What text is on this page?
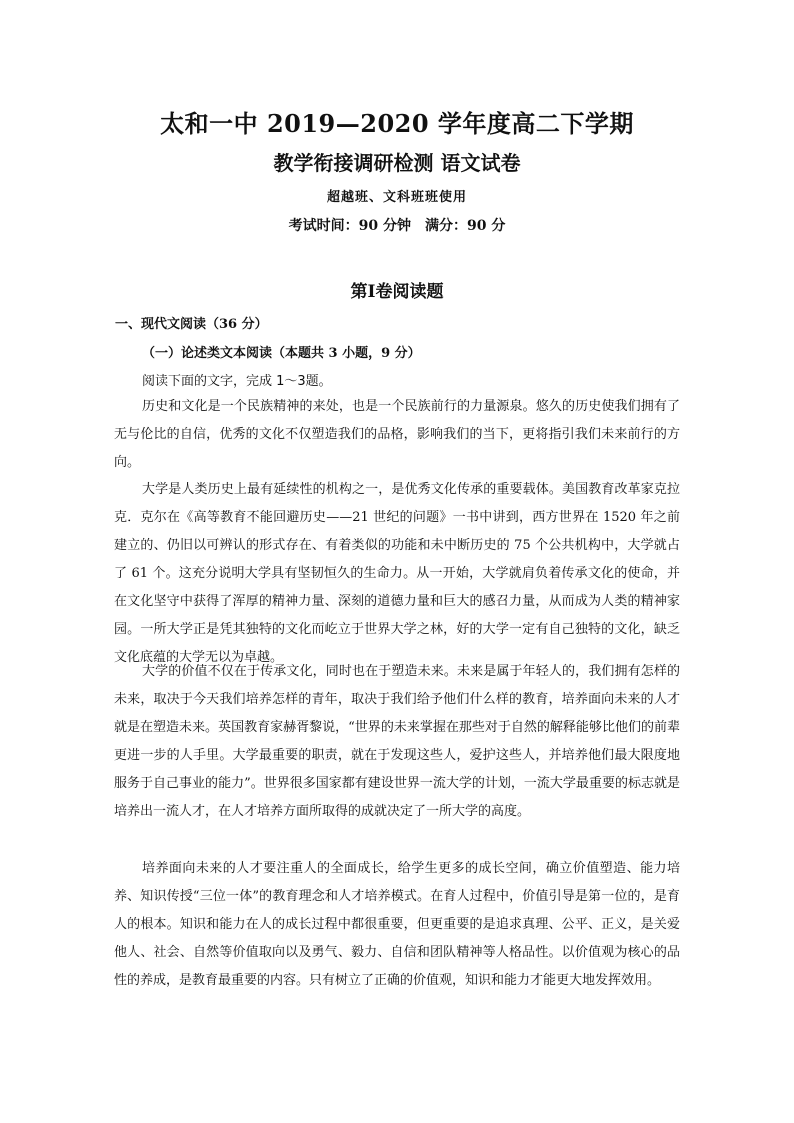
太和一中 2019—2020 学年度高二下学期
教学衔接调研检测 语文试卷
超越班、文科班班使用
考试时间：90 分钟　满分：90 分
第Ⅰ卷阅读题
一、现代文阅读（36 分）
（一）论述类文本阅读（本题共 3 小题，9 分）
阅读下面的文字，完成 1～3题。

历史和文化是一个民族精神的来处，也是一个民族前行的力量源泉。悠久的历史使我们拥有了无与伦比的自信，优秀的文化不仅塑造我们的品格，影响我们的当下，更将指引我们未来前行的方向。

大学是人类历史上最有延续性的机构之一，是优秀文化传承的重要载体。美国教育改革家克拉克．克尔在《高等教育不能回避历史——21 世纪的问题》一书中讲到，西方世界在 1520 年之前建立的、仍旧以可辨认的形式存在、有着类似的功能和未中断历史的 75 个公共机构中，大学就占了 61 个。这充分说明大学具有坚韧恒久的生命力。从一开始，大学就肩负着传承文化的使命，并在文化坚守中获得了浑厚的精神力量、深刻的道德力量和巨大的感召力量，从而成为人类的精神家园。一所大学正是凭其独特的文化而屹立于世界大学之林，好的大学一定有自己独特的文化，缺乏文化底蕴的大学无以为卓越。

大学的价值不仅在于传承文化，同时也在于塑造未来。未来是属于年轻人的，我们拥有怎样的未来，取决于今天我们培养怎样的青年，取决于我们给予他们什么样的教育，培养面向未来的人才就是在塑造未来。英国教育家赫胥黎说，“世界的未来掌握在那些对于自然的解释能够比他们的前辈更进一步的人手里。大学最重要的职责，就在于发现这些人，爱护这些人，并培养他们最大限度地服务于自己事业的能力”。世界很多国家都有建设世界一流大学的计划，一流大学最重要的标志就是培养出一流人才，在人才培养方面所取得的成就决定了一所大学的高度。

培养面向未来的人才要注重人的全面成长，给学生更多的成长空间，确立价值塑造、能力培养、知识传授“三位一体”的教育理念和人才培养模式。在育人过程中，价值引导是第一位的，是育人的根本。知识和能力在人的成长过程中都很重要，但更重要的是追求真理、公平、正义，是关爱他人、社会、自然等价值取向以及勇气、毅力、自信和团队精神等人格品性。以价值观为核心的品性的养成，是教育最重要的内容。只有树立了正确的价值观，知识和能力才能更大地发挥效用。
